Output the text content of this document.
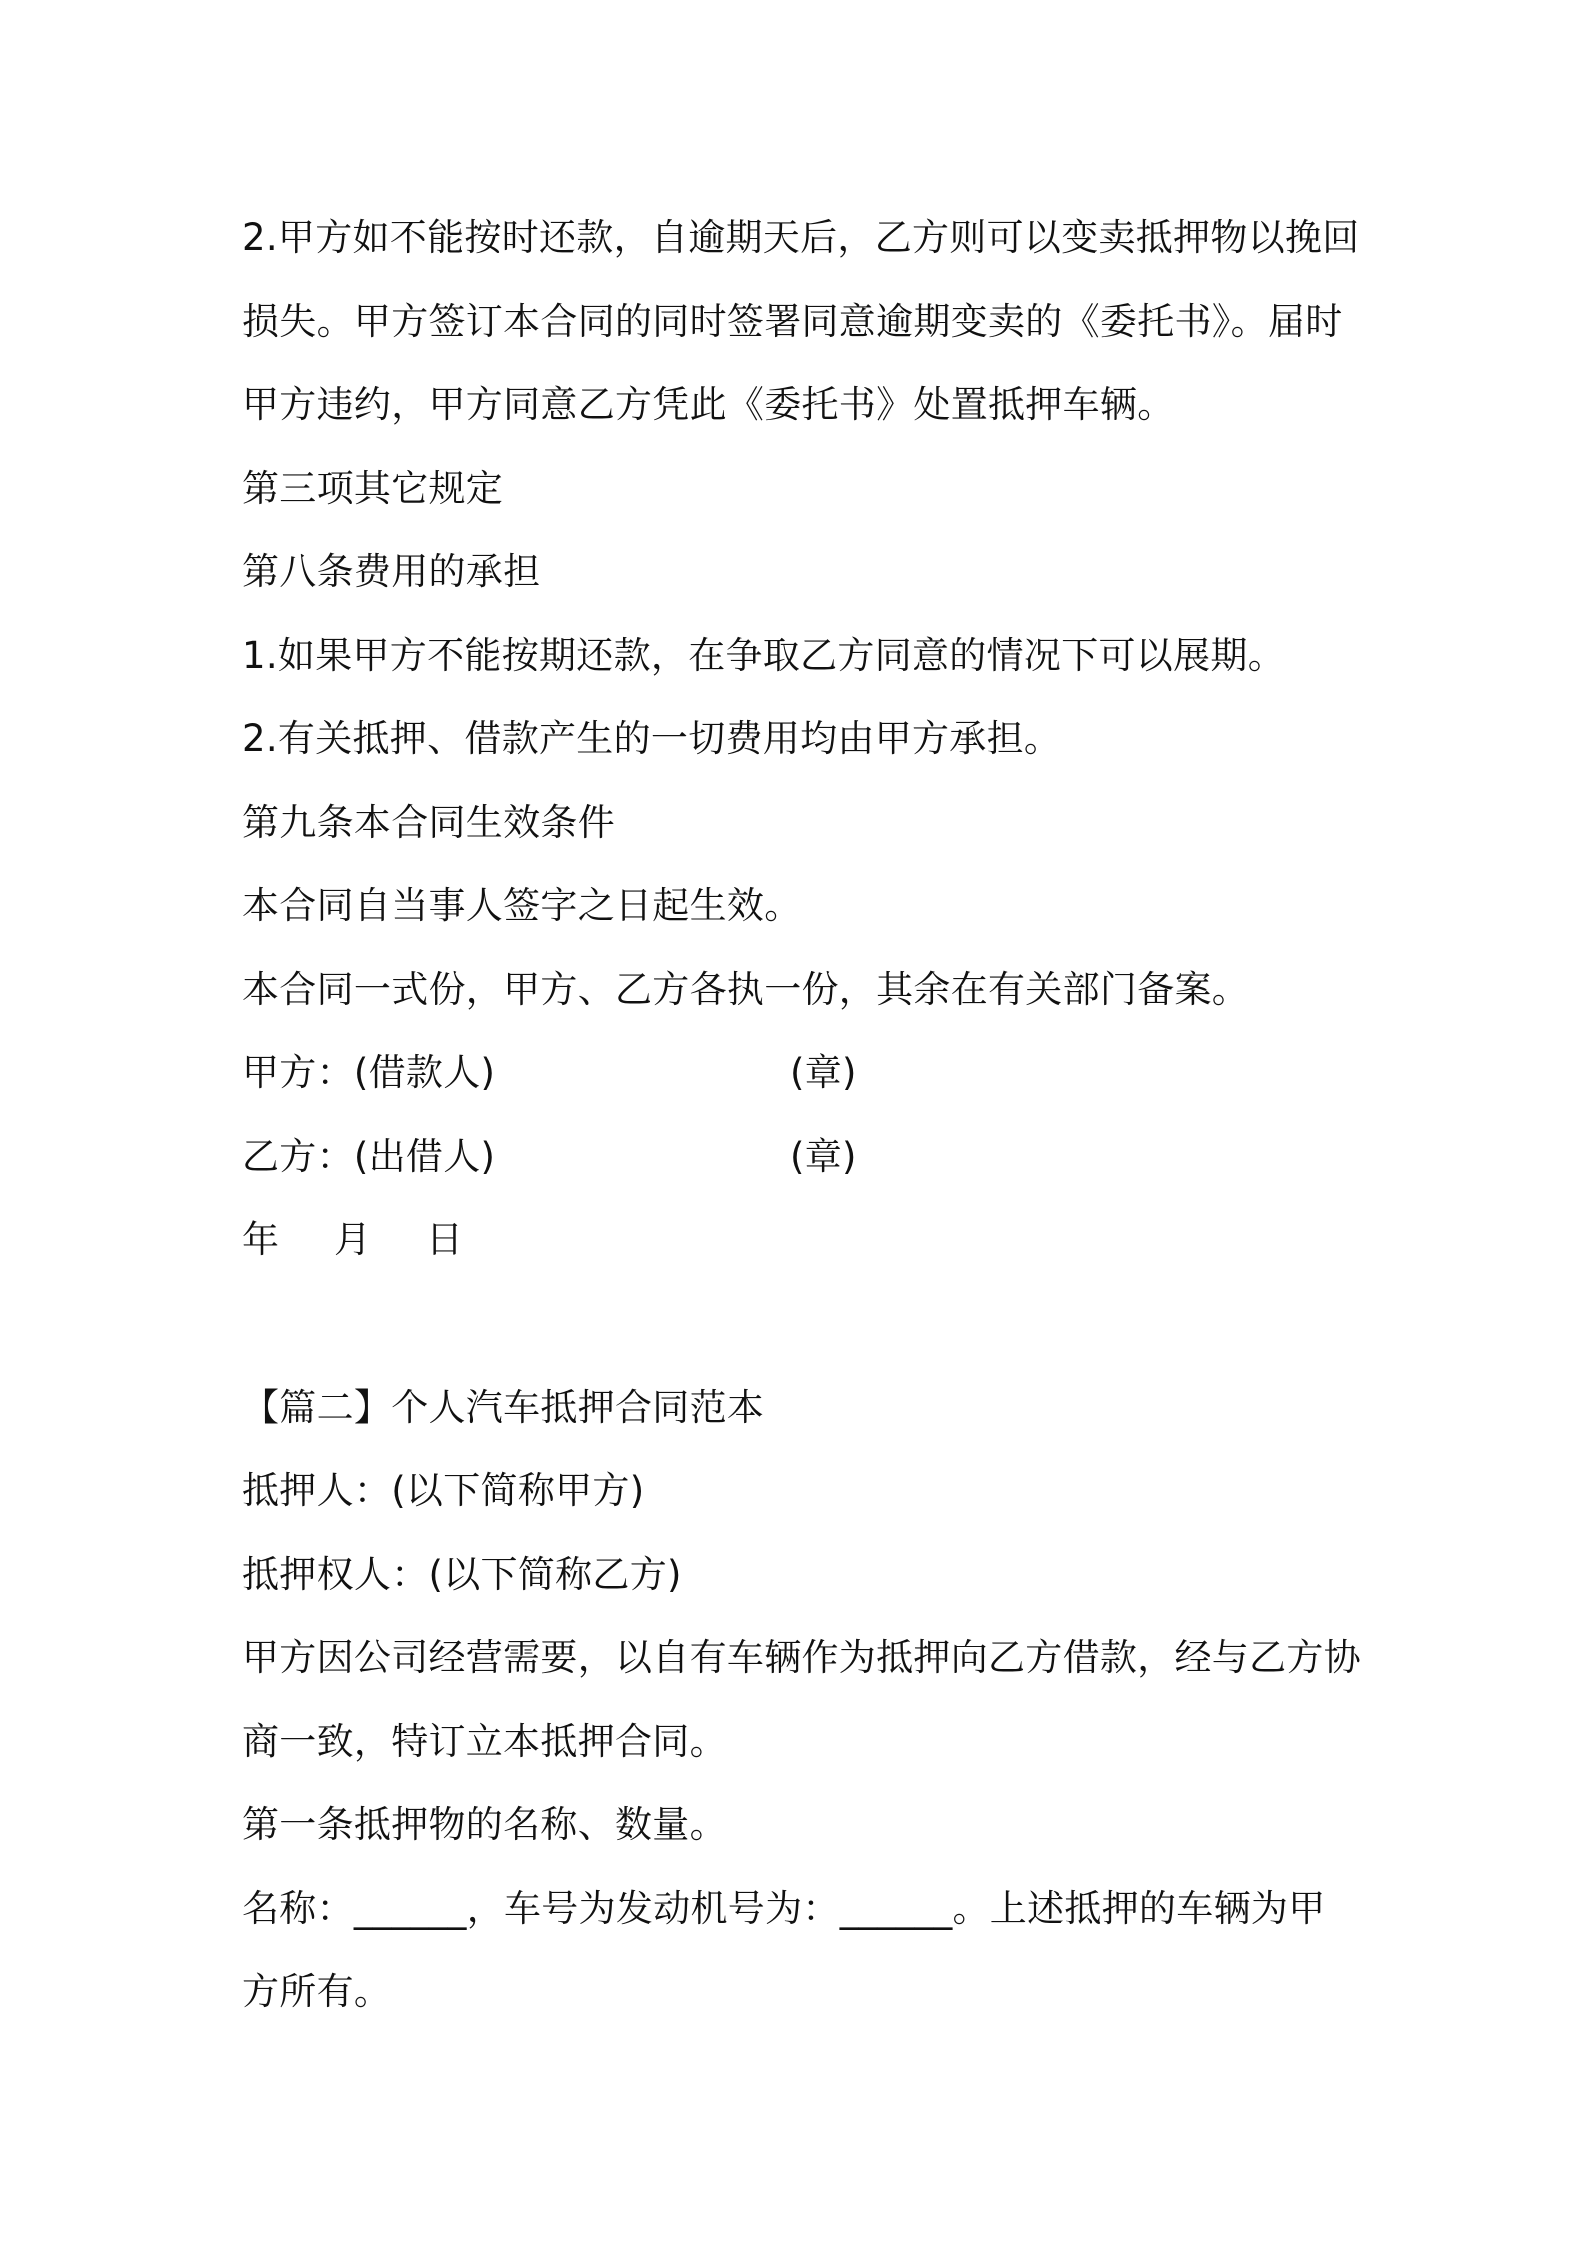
2.甲方如不能按时还款，自逾期天后，乙方则可以变卖抵押物以挽回
损失。甲方签订本合同的同时签署同意逾期变卖的《委托书》。届时
甲方违约，甲方同意乙方凭此《委托书》处置抵押车辆。
第三项其它规定
第八条费用的承担
1.如果甲方不能按期还款，在争取乙方同意的情况下可以展期。
2.有关抵押、借款产生的一切费用均由甲方承担。
第九条本合同生效条件
本合同自当事人签字之日起生效。
本合同一式份，甲方、乙方各执一份，其余在有关部门备案。
甲方：(借款人)	(章)
乙方：(出借人)	(章)
年 月 日
【篇二】个人汽车抵押合同范本
抵押人：(以下简称甲方)
抵押权人：(以下简称乙方)
甲方因公司经营需要，以自有车辆作为抵押向乙方借款，经与乙方协
商一致，特订立本抵押合同。
第一条抵押物的名称、数量。
名称：______，车号为发动机号为：______。上述抵押的车辆为甲
方所有。
